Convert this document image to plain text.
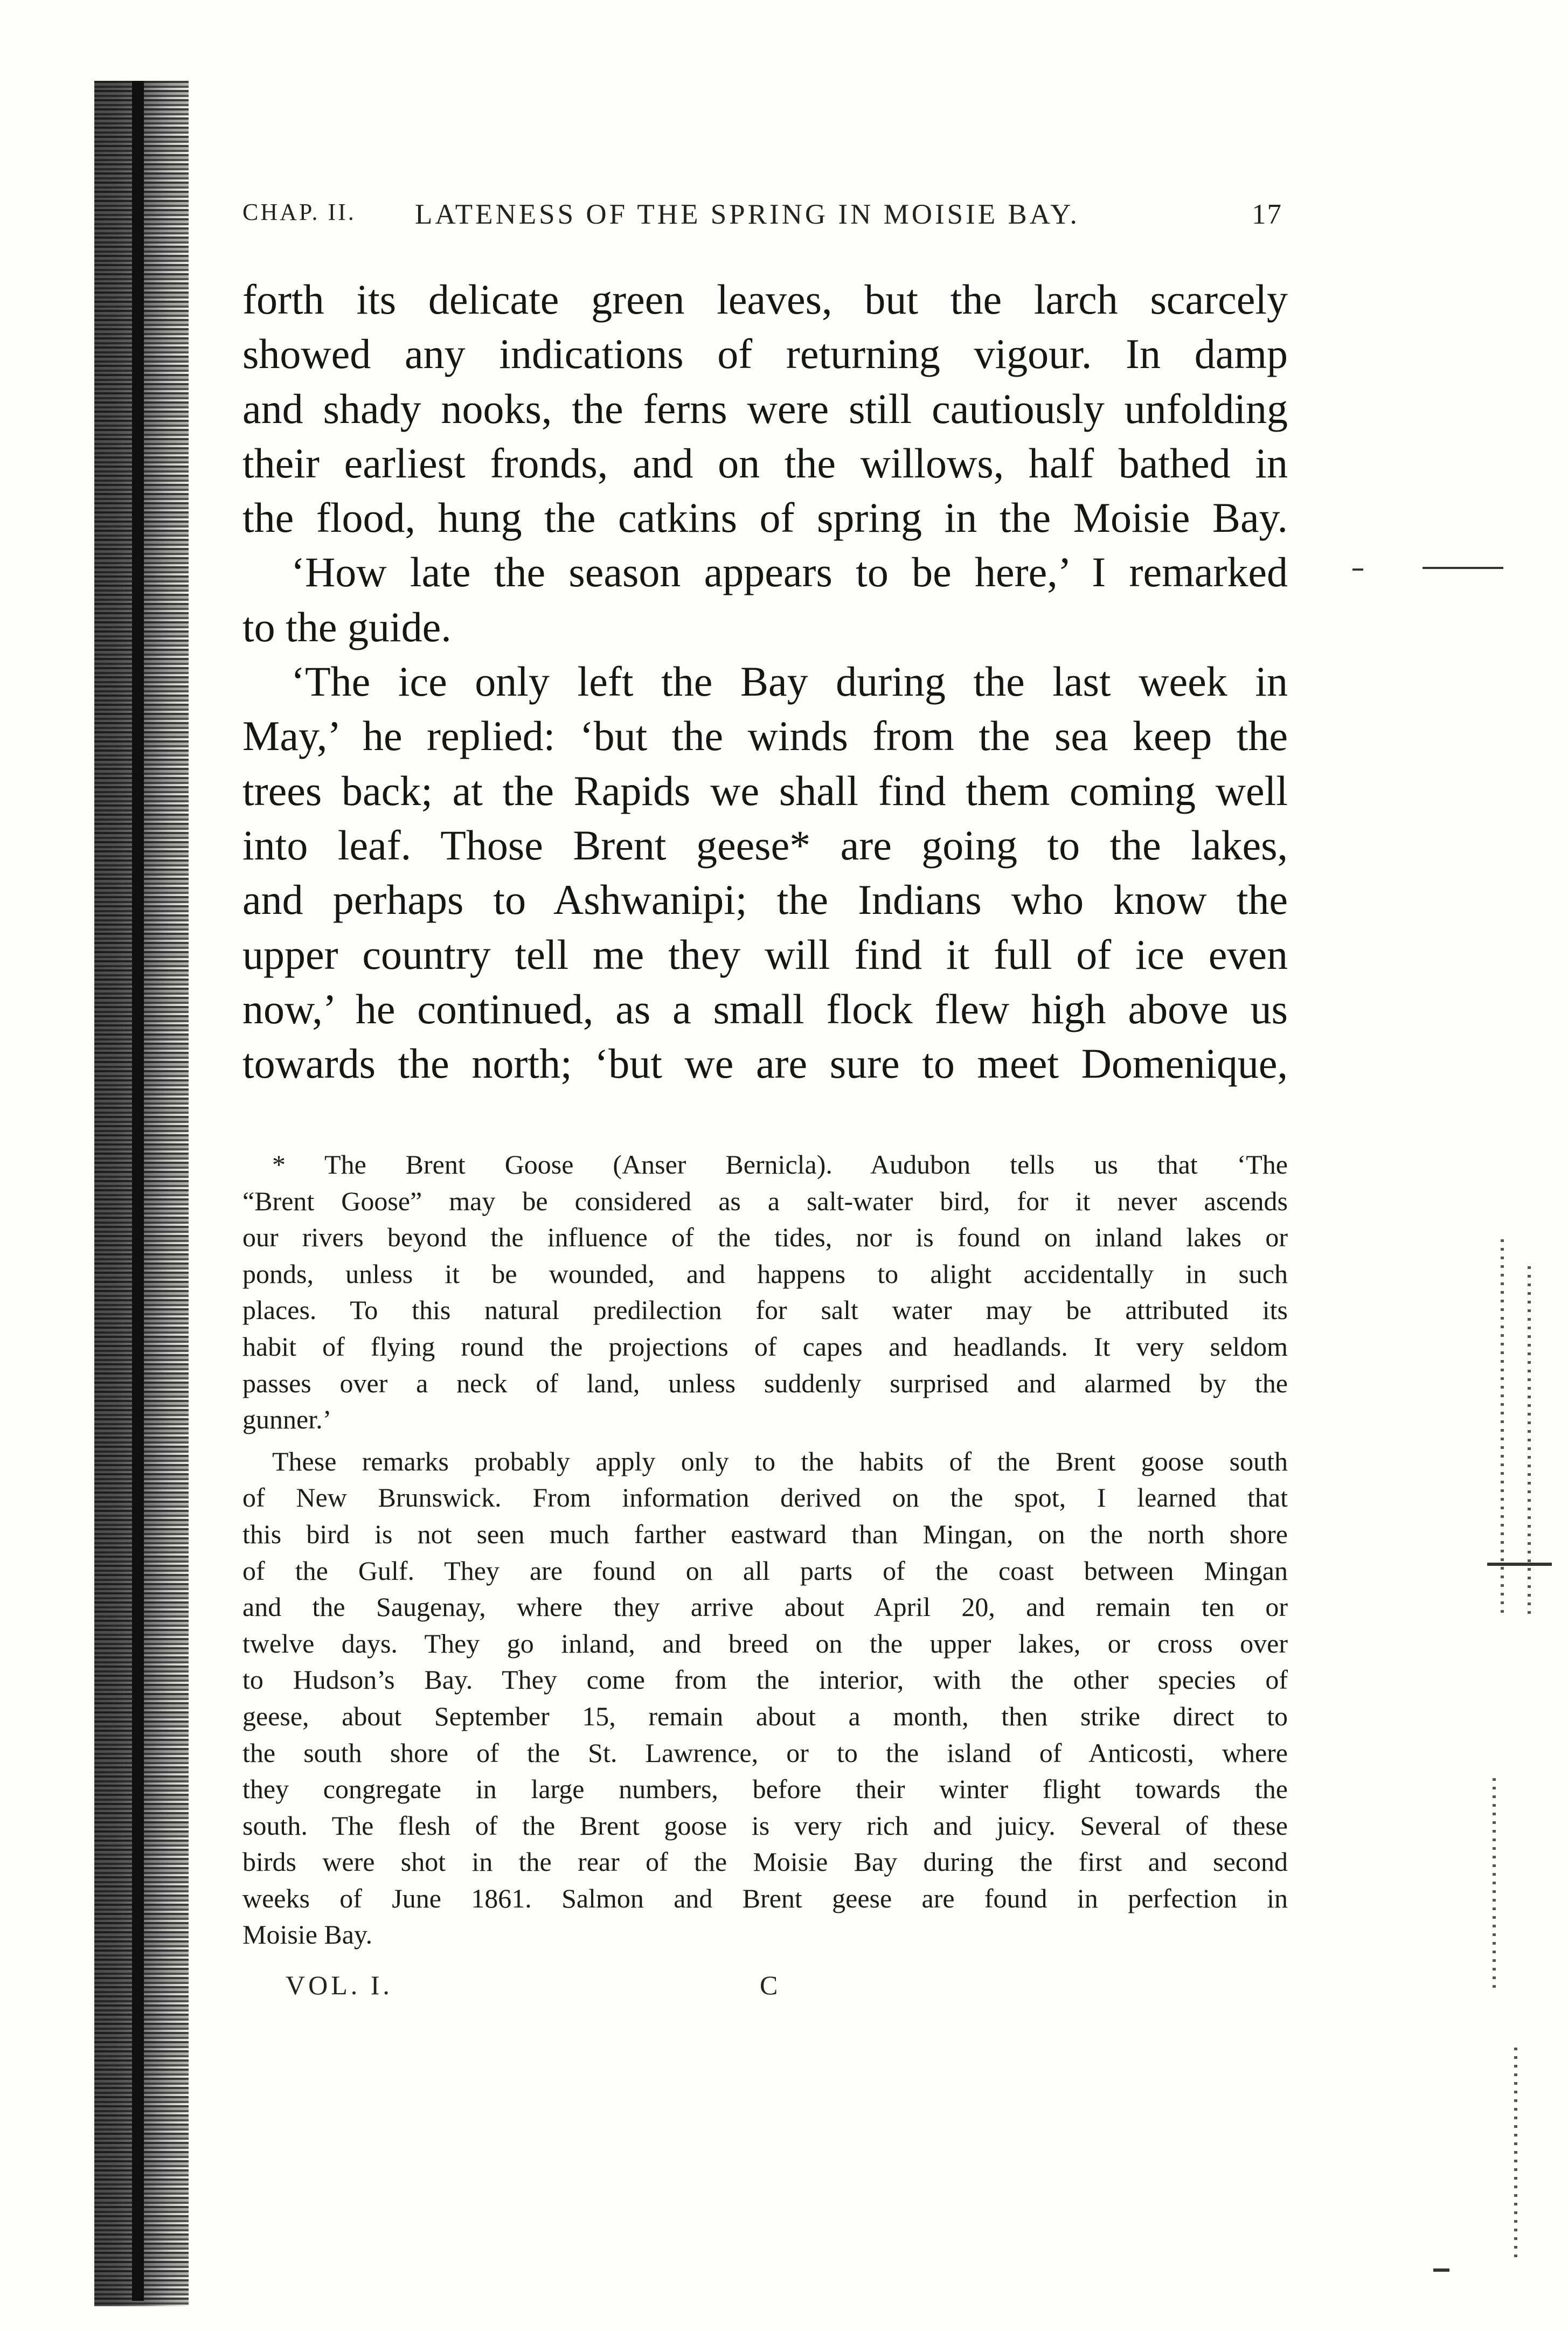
CHAP. II. LATENESS OF THE SPRING IN MOISIE BAY.	17
forth its delicate green leaves, but the larch scarcely
showed any indications of returning vigour. In damp
and shady nooks, the ferns were still cautiously unfolding
their earliest fronds, and on the willows, half bathed in
the flood, hung the catkins of spring in the Moisie Bay.
‘How late the season appears to be here,’ I remarked
to the guide.
‘The ice only left the Bay during the last week in
May,’ he replied: ‘but the winds from the sea keep the
trees back; at the Rapids we shall find them coming well
into leaf. Those Brent geese* are going to the lakes,
and perhaps to Ashwanipi; the Indians who know the
upper country tell me they will find it full of ice even
now,’ he continued, as a small flock flew high above us
towards the north; ‘but we are sure to meet Domenique,
* The Brent Goose (Anser Bernicla). Audubon tells us that ‘The
“Brent Goose” may be considered as a salt-water bird, for it never ascends
our rivers beyond the influence of the tides, nor is found on inland lakes or
ponds, unless it be wounded, and happens to alight accidentally in such
places. To this natural predilection for salt water may be attributed its
habit of flying round the projections of capes and headlands. It very seldom
passes over a neck of land, unless suddenly surprised and alarmed by the
gunner.’
These remarks probably apply only to the habits of the Brent goose south
of New Brunswick. From information derived on the spot, I learned that
this bird is not seen much farther eastward than Mingan, on the north shore
of the Gulf. They are found on all parts of the coast between Mingan
and the Saugenay, where they arrive about April 20, and remain ten or
twelve days. They go inland, and breed on the upper lakes, or cross over
to Hudson’s Bay. They come from the interior, with the other species of
geese, about September 15, remain about a month, then strike direct to
the south shore of the St. Lawrence, or to the island of Anticosti, where
they congregate in large numbers, before their winter flight towards the
south. The flesh of the Brent goose is very rich and juicy. Several of these
birds were shot in the rear of the Moisie Bay during the first and second
weeks of June 1861. Salmon and Brent geese are found in perfection in
Moisie Bay.
VOL. I.	C
